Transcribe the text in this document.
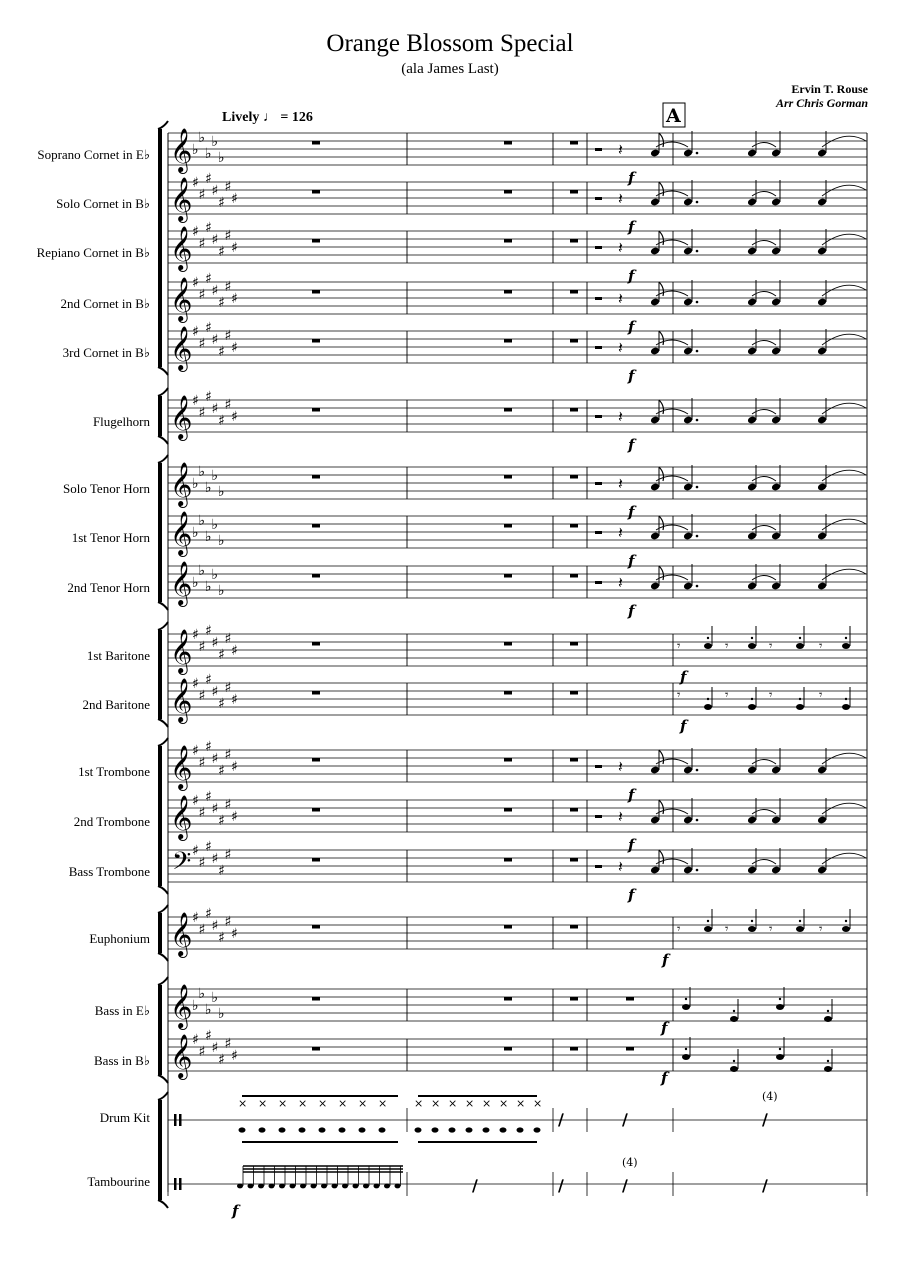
Orange Blossom Special
(ala James Last)
Ervin T. Rouse
Arr Chris Gorman
Lively ♩ = 126
Soprano Cornet in E♭
Solo Cornet in B♭
Repiano Cornet in B♭
2nd Cornet in B♭
3rd Cornet in B♭
Flugelhorn
Solo Tenor Horn
1st Tenor Horn
2nd Tenor Horn
1st Baritone
2nd Baritone
1st Trombone
2nd Trombone
Bass Trombone
Euphonium
Bass in E♭
Bass in B♭
Drum Kit
Tambourine
𝄞 ♭
♭
♭
♭
♭
𝄞 ♯
♯
♯
♯
♯
♯
♯
𝄞 ♯
♯
♯
♯
♯
♯
♯
𝄞 ♯
♯
♯
♯
♯
♯
♯
𝄞 ♯
♯
♯
♯
♯
♯
♯
𝄞 ♯
♯
♯
♯
♯
♯
♯
𝄞 ♭
♭
♭
♭
♭
𝄞 ♭
♭
♭
♭
♭
𝄞 ♭
♭
♭
♭
♭
𝄞 ♯
♯
♯
♯
♯
♯
♯
𝄞 ♯
♯
♯
♯
♯
♯
♯
𝄞 ♯
♯
♯
♯
♯
♯
♯
𝄞 ♯
♯
♯
♯
♯
♯
♯
𝄢 ♯
♯
♯
♯
♯
♯
𝄞 ♯
♯
♯
♯
♯
♯
♯
𝄞 ♭
♭
♭
♭
♭
𝄞 ♯
♯
♯
♯
♯
♯
♯
A
𝄽
f
𝄽
f
𝄽
f
𝄽
f
𝄽
f
𝄽
f
𝄽
f
𝄽
f
𝄽
f
𝄽
f
𝄽
f
𝄽
f
𝄾	𝄾	𝄾	𝄾
f
𝄾	𝄾	𝄾	𝄾
f
𝄾	𝄾	𝄾	𝄾
f
f
f
× × × × × × × × × × × × × × × ×
∕	∕	∕
(4)
∕	∕	∕	∕
(4)
f
